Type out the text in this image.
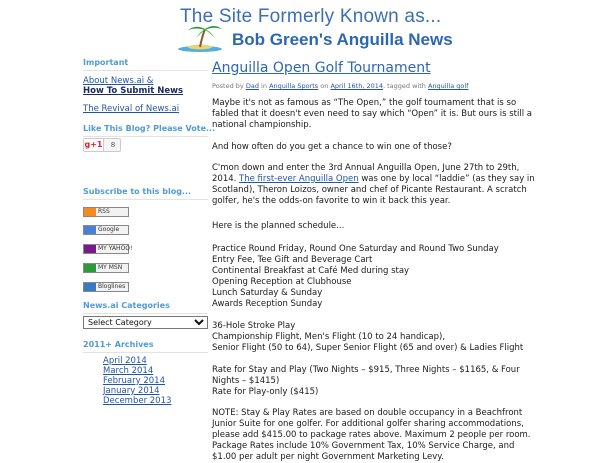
The Site Formerly Known as...
Bob Green's Anguilla News
Important
About News.ai &
How To Submit News
The Revival of News.ai
Like This Blog? Please Vote...
g+1	8
Subscribe to this blog...
RSS
Google
MY YAHOO!
MY MSN
Bloglines
News.ai Categories
Select Category
2011+ Archives
April 2014
March 2014
February 2014
January 2014
December 2013
Anguilla Open Golf Tournament
Posted by Dad in Anguilla Sports on April 16th, 2014, tagged with Anguilla golf

Maybe it's not as famous as “The Open,” the golf tournament that is so fabled that it doesn't even need to say which “Open” it is. But ours is still a national championship.

And how often do you get a chance to win one of those?

C'mon down and enter the 3rd Annual Anguilla Open, June 27th to 29th, 2014. The first-ever Anguilla Open was one by local “laddie” (as they say in Scotland), Theron Loizos, owner and chef of Picante Restaurant. A scratch golfer, he's the odds-on favorite to win it back this year.

Here is the planned schedule...

Practice Round Friday, Round One Saturday and Round Two Sunday
Entry Fee, Tee Gift and Beverage Cart
Continental Breakfast at Café Med during stay
Opening Reception at Clubhouse
Lunch Saturday & Sunday
Awards Reception Sunday
36-Hole Stroke Play
Championship Flight, Men's Flight (10 to 24 handicap),
Senior Flight (50 to 64), Super Senior Flight (65 and over) & Ladies Flight

Rate for Stay and Play (Two Nights – $915, Three Nights – $1165, & Four Nights – $1415)

Rate for Play-only ($415)

NOTE: Stay & Play Rates are based on double occupancy in a Beachfront Junior Suite for one golfer. For additional golfer sharing accommodations, please add $415.00 to package rates above. Maximum 2 people per room. Package Rates include 10% Government Tax, 10% Service Charge, and $1.00 per adult per night Government Marketing Levy.
